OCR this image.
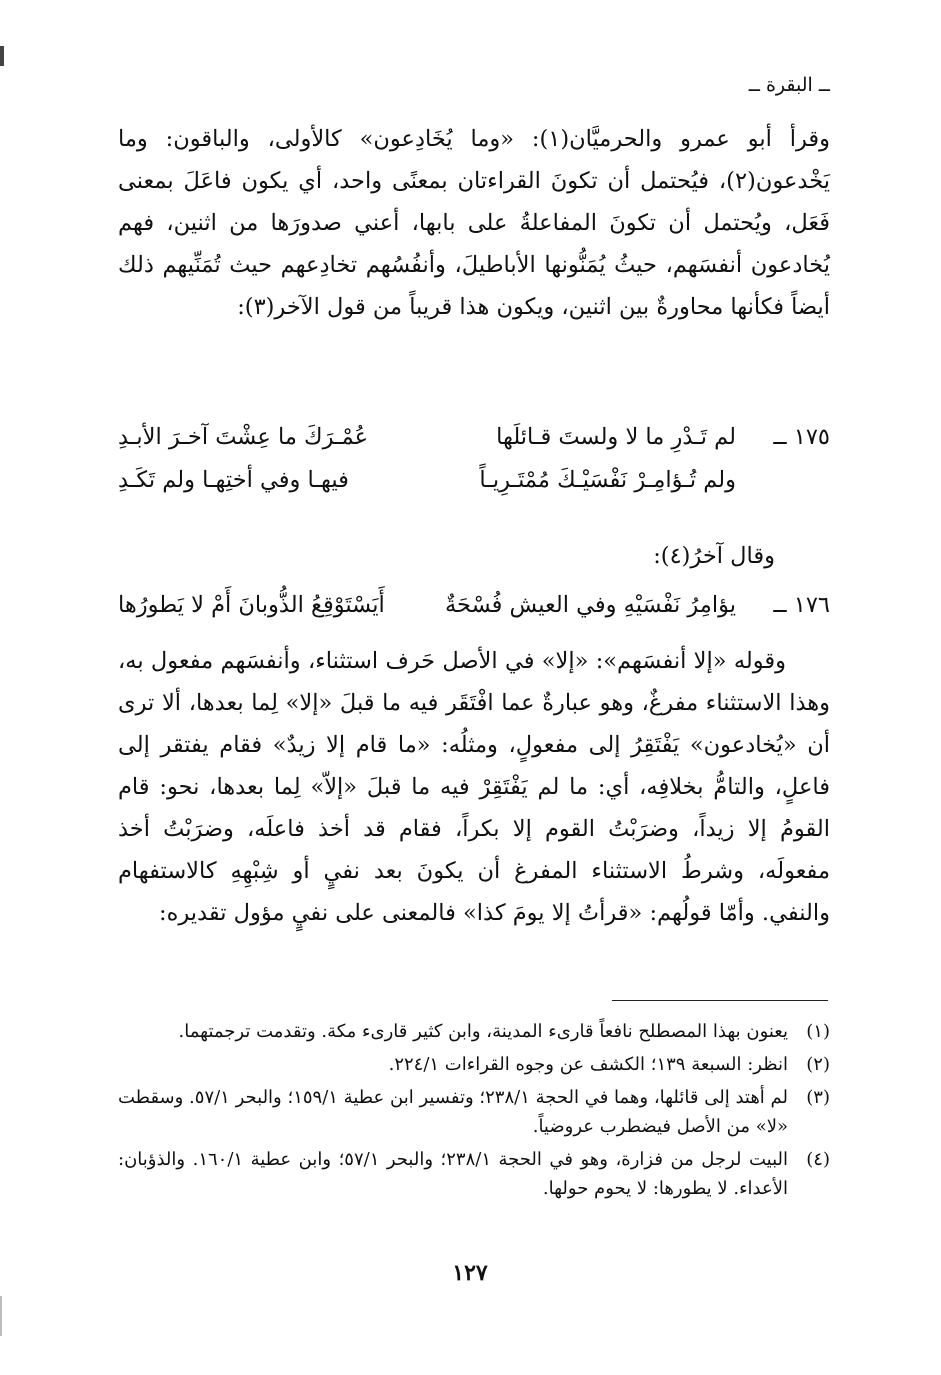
ــ البقرة ــ
وقرأ أبو عمرو والحرميَّان(١): «وما يُخَادِعون» كالأولى، والباقون: وما يَخْدعون(٢)، فيُحتمل أن تكونَ القراءتان بمعنًى واحد، أي يكون فاعَلَ بمعنى فَعَل، ويُحتمل أن تكونَ المفاعلةُ على بابها، أعني صدورَها من اثنين، فهم يُخادعون أنفسَهم، حيثُ يُمَنُّونها الأباطيلَ، وأنفُسُهم تخادِعهم حيث تُمَنِّيهم ذلك أيضاً فكأنها محاورةٌ بين اثنين، ويكون هذا قريباً من قول الآخر(٣):
١٧٥ ــ
لم تَـدْرِ ما لا ولستَ قـائلَها
عُمْـرَكَ ما عِشْتَ آخـرَ الأبـدِ
ولم تُـؤامِـرْ نَفْسَيْـكَ مُمْتَـرِيـاً
فيهـا وفي أختِهـا ولم تَكَـدِ
وقال آخرُ(٤):
١٧٦ ــ
يؤامِرُ نَفْسَيْهِ وفي العيش فُسْحَةٌ
أَيَسْتَوْقِعُ الذُّوبانَ أَمْ لا يَطورُها
وقوله «إلا أنفسَهم»: «إلا» في الأصل حَرف استثناء، وأنفسَهم مفعول به، وهذا الاستثناء مفرغٌ، وهو عبارةٌ عما افْتَقَر فيه ما قبلَ «إلا» لِما بعدها، ألا ترى أن «يُخادعون» يَفْتَقِرُ إلى مفعولٍ، ومثلُه: «ما قام إلا زيدٌ» فقام يفتقر إلى فاعلٍ، والتامُّ بخلافِه، أي: ما لم يَفْتَقِرْ فيه ما قبلَ «إلاّ» لِما بعدها، نحو: قام القومُ إلا زيداً، وضرَبْتُ القوم إلا بكراً، فقام قد أخذ فاعلَه، وضرَبْتُ أخذ مفعولَه، وشرطُ الاستثناء المفرغ أن يكونَ بعد نفيٍ أو شِبْهِهِ كالاستفهام والنفي. وأمّا قولُهم: «قرأتُ إلا يومَ كذا» فالمعنى على نفيٍ مؤول تقديره:
(١)
يعنون بهذا المصطلح نافعاً قارىء المدينة، وابن كثير قارىء مكة. وتقدمت ترجمتهما.
(٢)
انظر: السبعة ١٣٩؛ الكشف عن وجوه القراءات ٢٢٤/١.
(٣)
لم أهتد إلى قائلها، وهما في الحجة ٢٣٨/١؛ وتفسير ابن عطية ١٥٩/١؛ والبحر ٥٧/١. وسقطت «لا» من الأصل فيضطرب عروضياً.
(٤)
البيت لرجل من فزارة، وهو في الحجة ٢٣٨/١؛ والبحر ٥٧/١؛ وابن عطية ١٦٠/١. والذؤبان: الأعداء. لا يطورها: لا يحوم حولها.
١٢٧
